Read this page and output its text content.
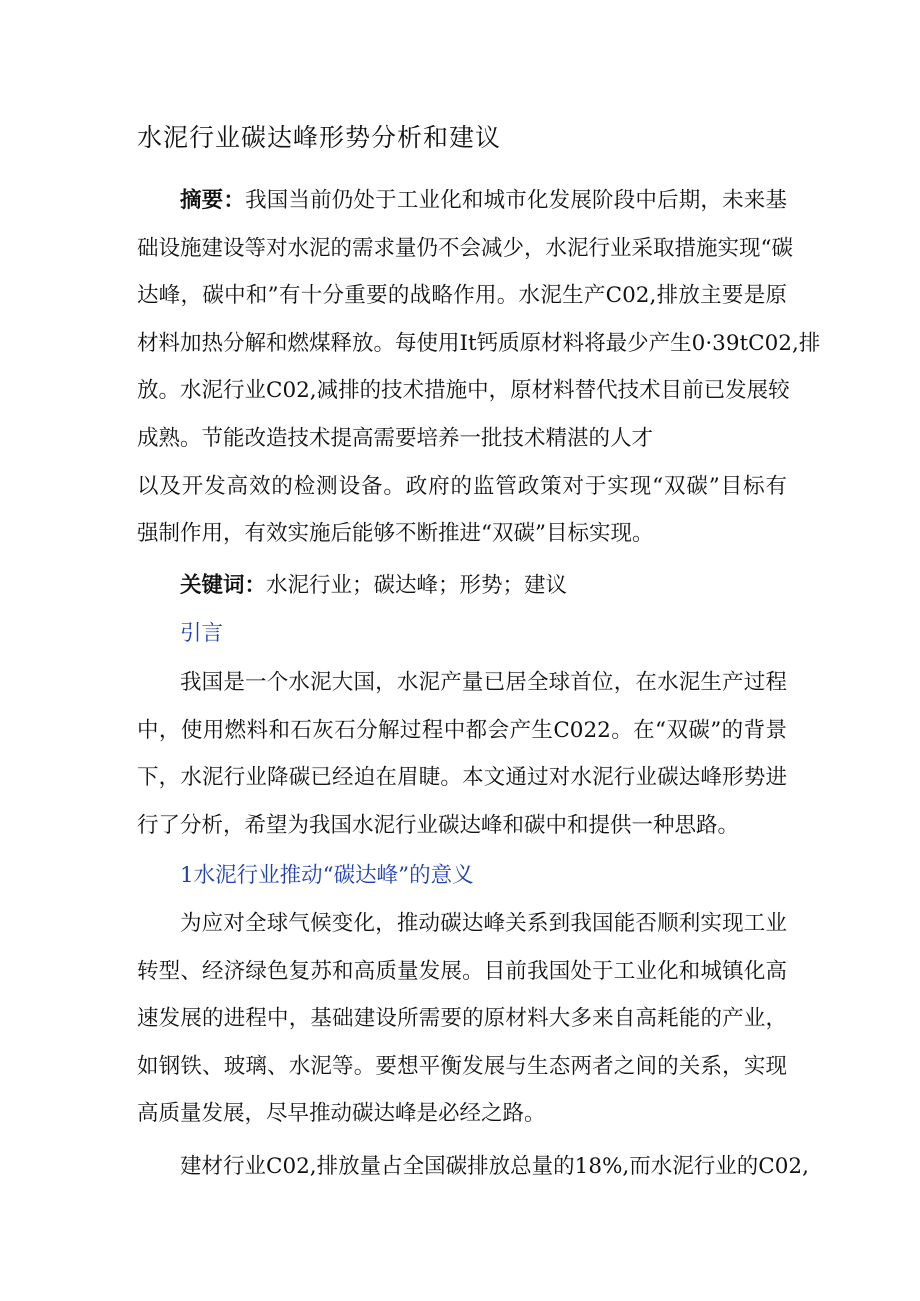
水泥行业碳达峰形势分析和建议
摘要：我国当前仍处于工业化和城市化发展阶段中后期，未来基
础设施建设等对水泥的需求量仍不会减少，水泥行业采取措施实现“碳
达峰，碳中和”有十分重要的战略作用。水泥生产C02,排放主要是原
材料加热分解和燃煤释放。每使用It钙质原材料将最少产生0·39tC02,排
放。水泥行业C02,减排的技术措施中，原材料替代技术目前已发展较
成熟。节能改造技术提高需要培养一批技术精湛的人才
以及开发高效的检测设备。政府的监管政策对于实现“双碳”目标有
强制作用，有效实施后能够不断推进“双碳”目标实现。
关键词：水泥行业；碳达峰；形势；建议
引言
我国是一个水泥大国，水泥产量已居全球首位，在水泥生产过程
中，使用燃料和石灰石分解过程中都会产生C022。在“双碳”的背景
下，水泥行业降碳已经迫在眉睫。本文通过对水泥行业碳达峰形势进
行了分析，希望为我国水泥行业碳达峰和碳中和提供一种思路。
1水泥行业推动“碳达峰”的意义
为应对全球气候变化，推动碳达峰关系到我国能否顺利实现工业
转型、经济绿色复苏和高质量发展。目前我国处于工业化和城镇化高
速发展的进程中，基础建设所需要的原材料大多来自高耗能的产业，
如钢铁、玻璃、水泥等。要想平衡发展与生态两者之间的关系，实现
高质量发展，尽早推动碳达峰是必经之路。
建材行业C02,排放量占全国碳排放总量的18%,而水泥行业的C02,
